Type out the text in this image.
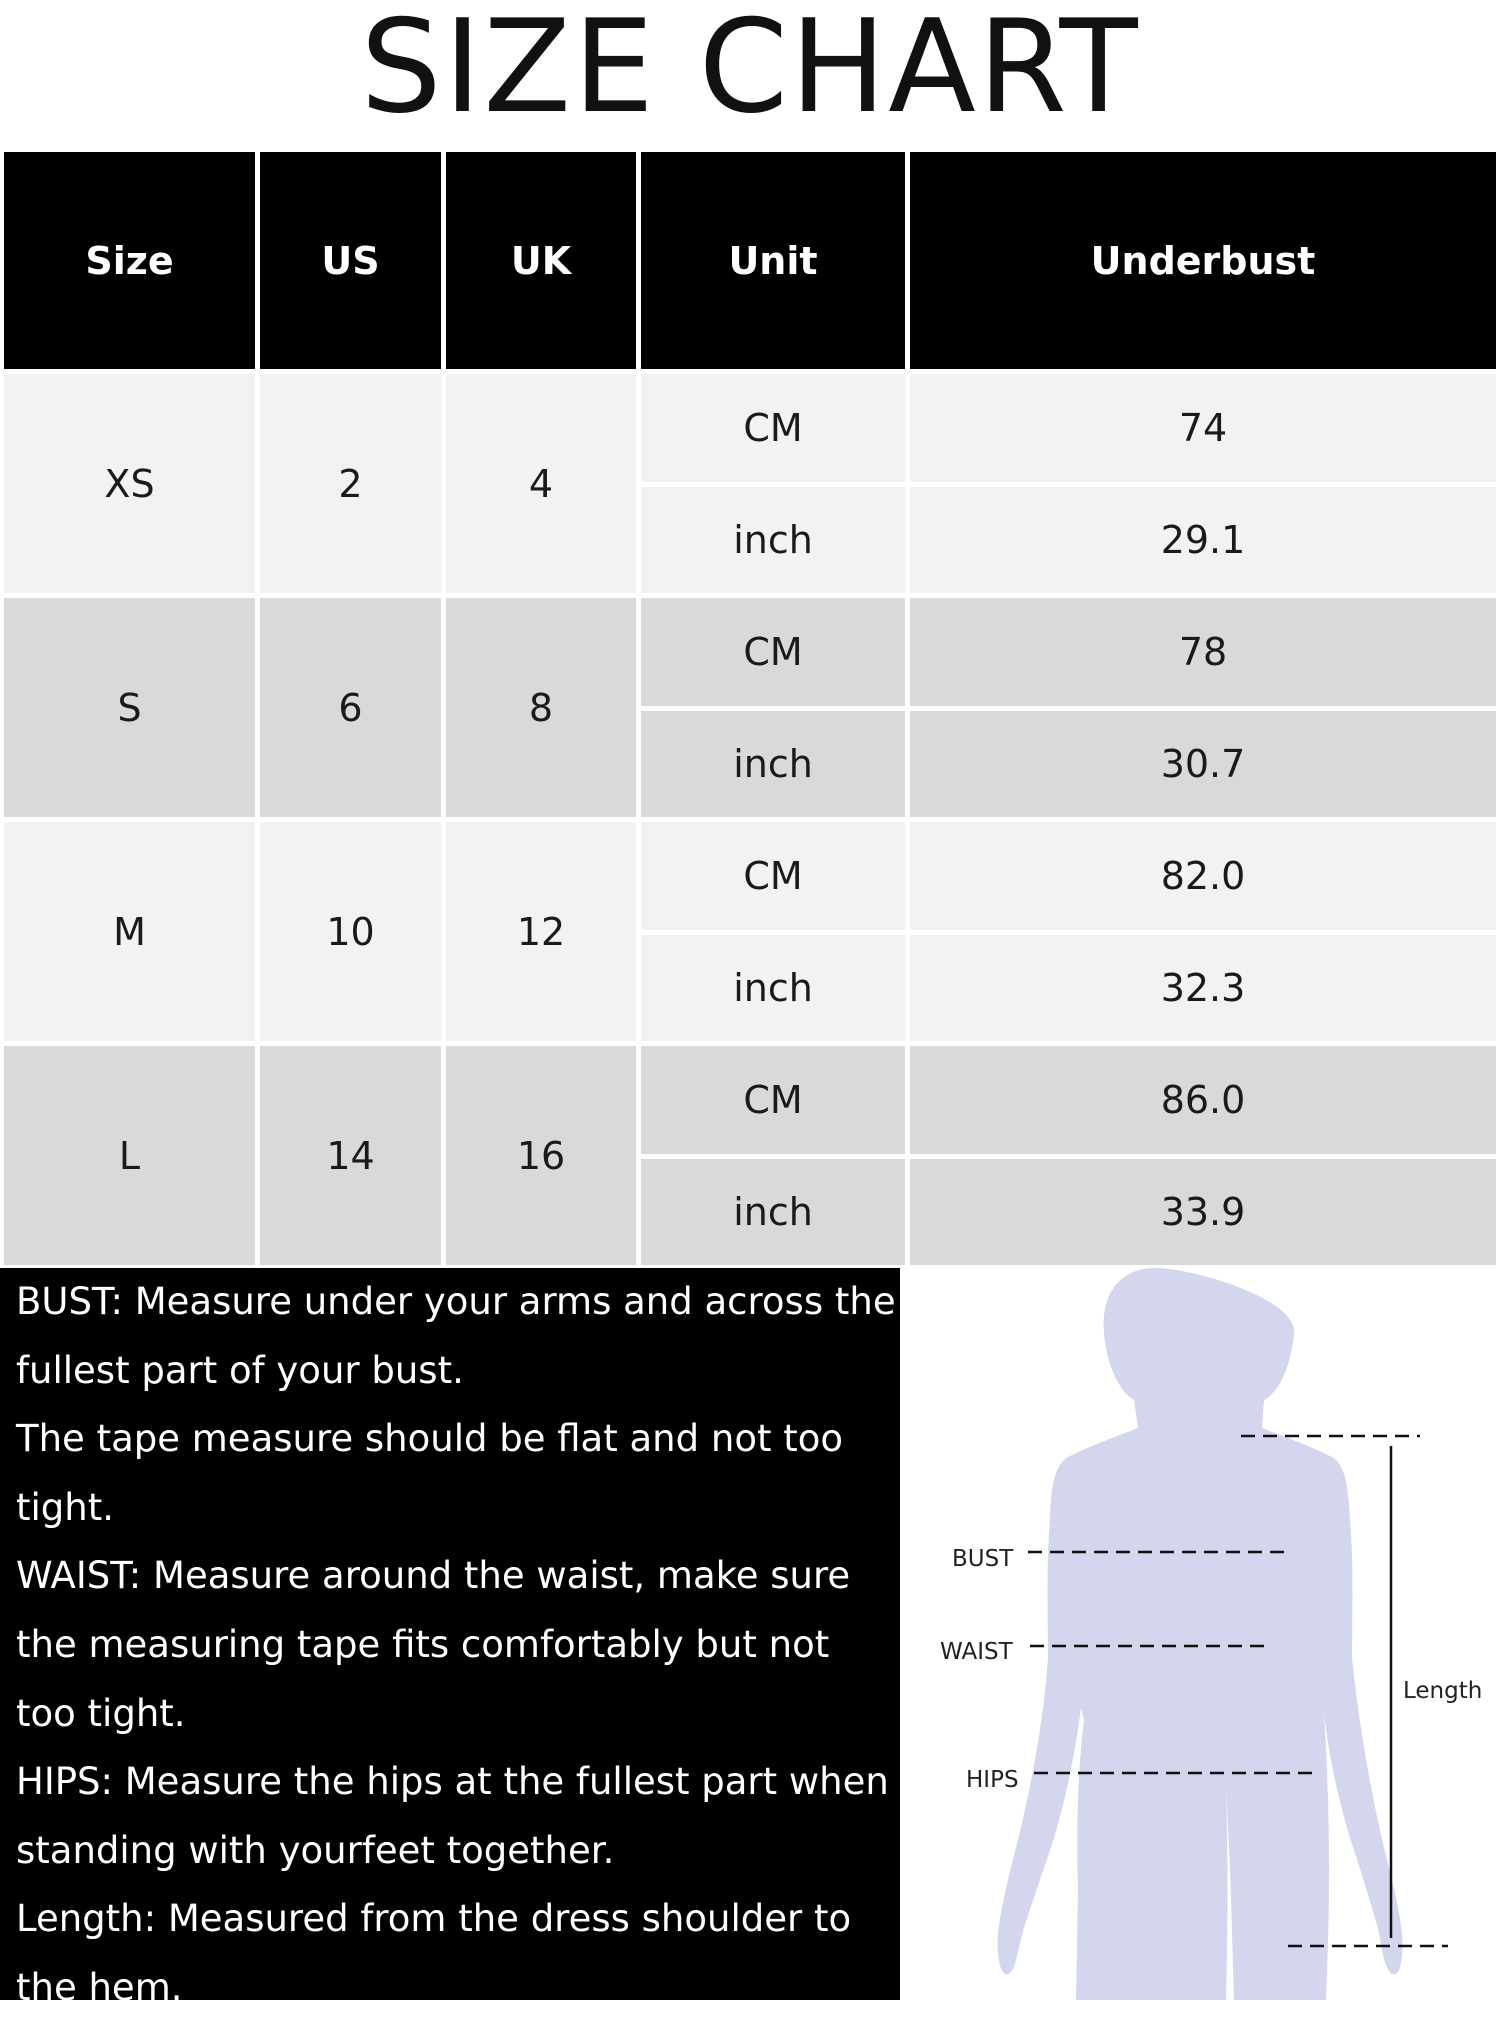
SIZE CHART
Size	US	UK	Unit	Underbust
XS	2	4
CM	74
inch	29.1
S	6	8
CM	78
inch	30.7
M	10	12
CM	82.0
inch	32.3
L	14	16
CM	86.0
inch	33.9

BUST: Measure under your arms and across the fullest part of your bust.

The tape measure should be flat and not too tight.

WAIST: Measure around the waist, make sure the measuring tape fits comfortably but not too tight.

HIPS: Measure the hips at the fullest part when standing with yourfeet together.

Length: Measured from the dress shoulder to the hem.

BUST
WAIST
HIPS
Length
